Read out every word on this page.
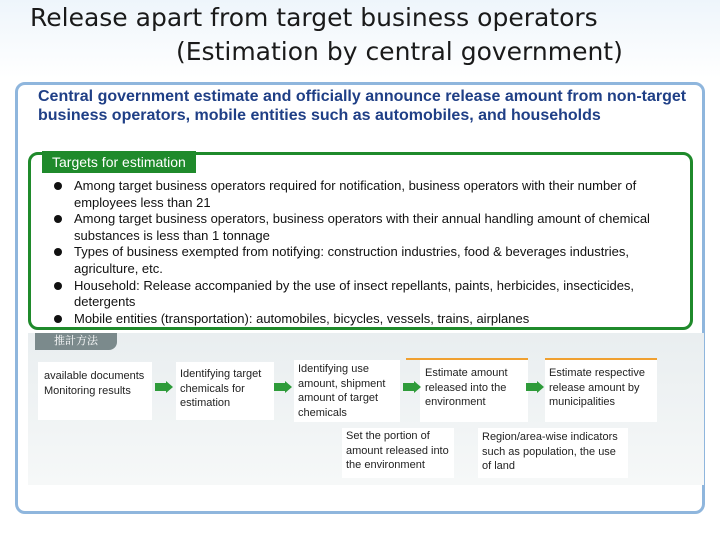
Release apart from target business operators
(Estimation by central government)
Central government estimate and officially announce release amount from non-target business operators, mobile entities such as automobiles, and households
Targets for estimation
Among target business operators required for notification, business operators with their number of employees less than 21
Among target business operators, business operators with their annual handling amount of chemical substances is less than 1 tonnage
Types of business exempted from notifying: construction industries, food & beverages industries, agriculture, etc.
Household: Release accompanied by the use of insect repellants, paints, herbicides, insecticides, detergents
Mobile entities (transportation): automobiles, bicycles, vessels, trains, airplanes
推計方法
available documents Monitoring results
Identifying target chemicals for estimation
Identifying use amount, shipment amount of target chemicals
Estimate amount released into the environment
Estimate respective release amount by municipalities
Set the portion of amount released into the environment
Region/area-wise indicators such as population, the use of land
